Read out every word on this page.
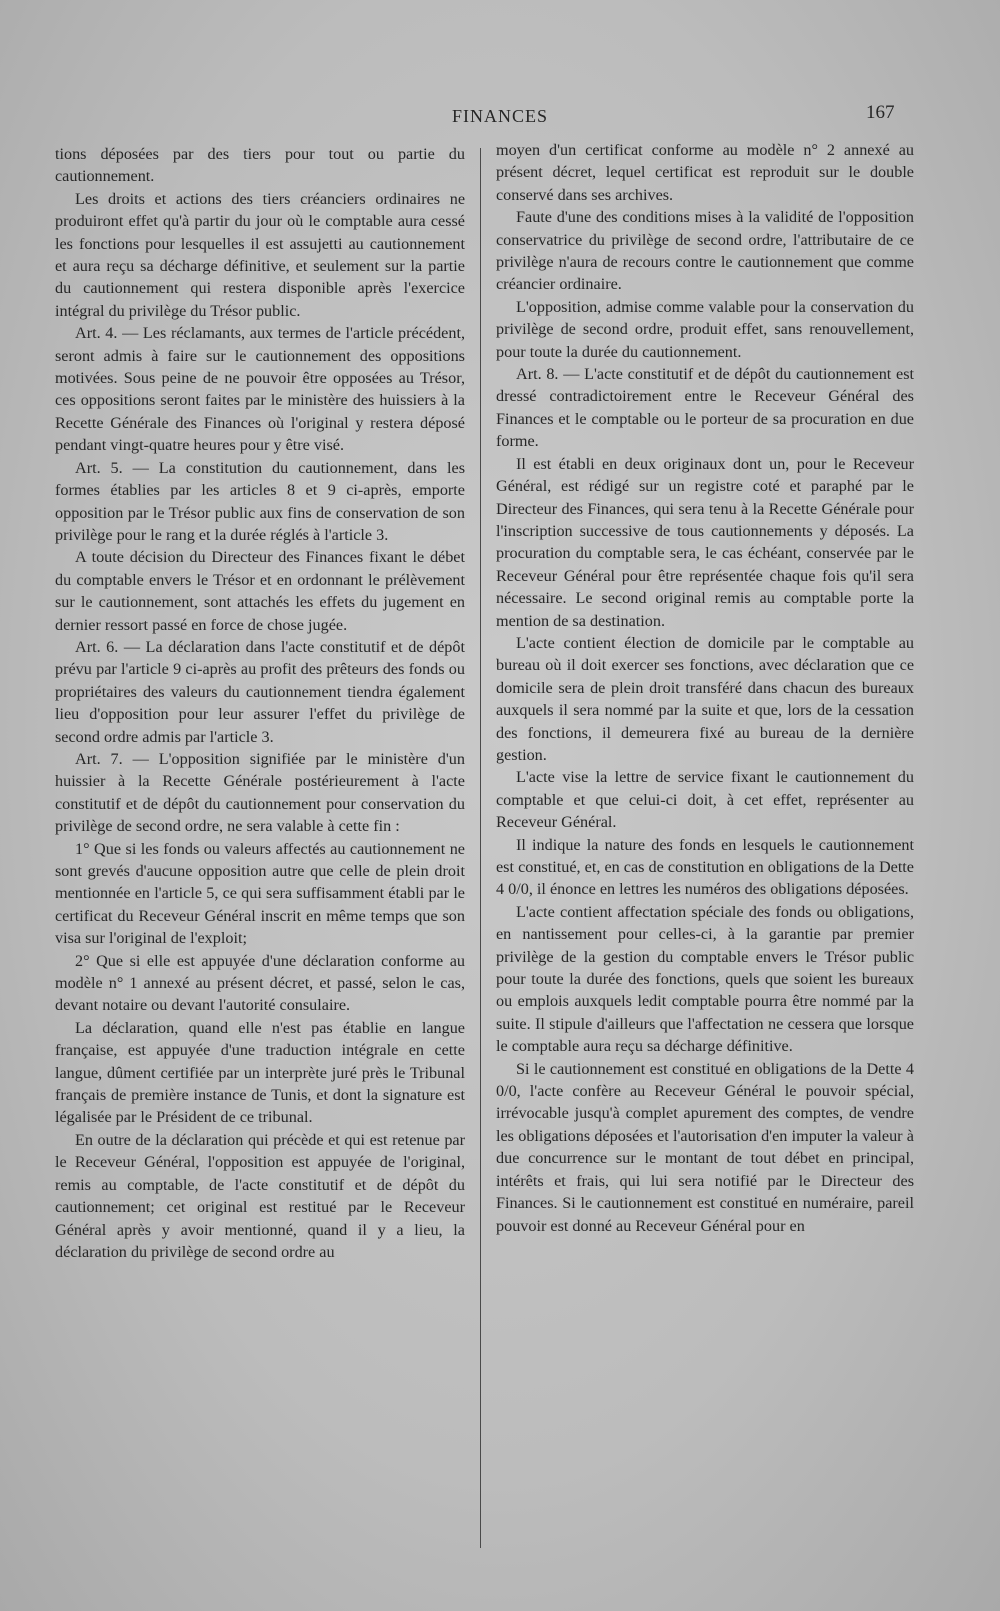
FINANCES	167

tions déposées par des tiers pour tout ou partie du cautionnement.

Les droits et actions des tiers créanciers ordinaires ne produiront effet qu'à partir du jour où le comptable aura cessé les fonctions pour lesquelles il est assujetti au cautionnement et aura reçu sa décharge définitive, et seulement sur la partie du cautionnement qui restera disponible après l'exercice intégral du privilège du Trésor public.

Art. 4. — Les réclamants, aux termes de l'article précédent, seront admis à faire sur le cautionnement des oppositions motivées. Sous peine de ne pouvoir être opposées au Trésor, ces oppositions seront faites par le ministère des huissiers à la Recette Générale des Finances où l'original y restera déposé pendant vingt-quatre heures pour y être visé.

Art. 5. — La constitution du cautionnement, dans les formes établies par les articles 8 et 9 ci-après, emporte opposition par le Trésor public aux fins de conservation de son privilège pour le rang et la durée réglés à l'article 3.

A toute décision du Directeur des Finances fixant le débet du comptable envers le Trésor et en ordonnant le prélèvement sur le cautionnement, sont attachés les effets du jugement en dernier ressort passé en force de chose jugée.

Art. 6. — La déclaration dans l'acte constitutif et de dépôt prévu par l'article 9 ci-après au profit des prêteurs des fonds ou propriétaires des valeurs du cautionnement tiendra également lieu d'opposition pour leur assurer l'effet du privilège de second ordre admis par l'article 3.

Art. 7. — L'opposition signifiée par le ministère d'un huissier à la Recette Générale postérieurement à l'acte constitutif et de dépôt du cautionnement pour conservation du privilège de second ordre, ne sera valable à cette fin :

1° Que si les fonds ou valeurs affectés au cautionnement ne sont grevés d'aucune opposition autre que celle de plein droit mentionnée en l'article 5, ce qui sera suffisamment établi par le certificat du Receveur Général inscrit en même temps que son visa sur l'original de l'exploit;

2° Que si elle est appuyée d'une déclaration conforme au modèle n° 1 annexé au présent décret, et passé, selon le cas, devant notaire ou devant l'autorité consulaire.

La déclaration, quand elle n'est pas établie en langue française, est appuyée d'une traduction intégrale en cette langue, dûment certifiée par un interprète juré près le Tribunal français de première instance de Tunis, et dont la signature est légalisée par le Président de ce tribunal.

En outre de la déclaration qui précède et qui est retenue par le Receveur Général, l'opposition est appuyée de l'original, remis au comptable, de l'acte constitutif et de dépôt du cautionnement; cet original est restitué par le Receveur Général après y avoir mentionné, quand il y a lieu, la déclaration du privilège de second ordre au

moyen d'un certificat conforme au modèle n° 2 annexé au présent décret, lequel certificat est reproduit sur le double conservé dans ses archives.

Faute d'une des conditions mises à la validité de l'opposition conservatrice du privilège de second ordre, l'attributaire de ce privilège n'aura de recours contre le cautionnement que comme créancier ordinaire.

L'opposition, admise comme valable pour la conservation du privilège de second ordre, produit effet, sans renouvellement, pour toute la durée du cautionnement.

Art. 8. — L'acte constitutif et de dépôt du cautionnement est dressé contradictoirement entre le Receveur Général des Finances et le comptable ou le porteur de sa procuration en due forme.

Il est établi en deux originaux dont un, pour le Receveur Général, est rédigé sur un registre coté et paraphé par le Directeur des Finances, qui sera tenu à la Recette Générale pour l'inscription successive de tous cautionnements y déposés. La procuration du comptable sera, le cas échéant, conservée par le Receveur Général pour être représentée chaque fois qu'il sera nécessaire. Le second original remis au comptable porte la mention de sa destination.

L'acte contient élection de domicile par le comptable au bureau où il doit exercer ses fonctions, avec déclaration que ce domicile sera de plein droit transféré dans chacun des bureaux auxquels il sera nommé par la suite et que, lors de la cessation des fonctions, il demeurera fixé au bureau de la dernière gestion.

L'acte vise la lettre de service fixant le cautionnement du comptable et que celui-ci doit, à cet effet, représenter au Receveur Général.

Il indique la nature des fonds en lesquels le cautionnement est constitué, et, en cas de constitution en obligations de la Dette 4 0/0, il énonce en lettres les numéros des obligations déposées.

L'acte contient affectation spéciale des fonds ou obligations, en nantissement pour celles-ci, à la garantie par premier privilège de la gestion du comptable envers le Trésor public pour toute la durée des fonctions, quels que soient les bureaux ou emplois auxquels ledit comptable pourra être nommé par la suite. Il stipule d'ailleurs que l'affectation ne cessera que lorsque le comptable aura reçu sa décharge définitive.

Si le cautionnement est constitué en obligations de la Dette 4 0/0, l'acte confère au Receveur Général le pouvoir spécial, irrévocable jusqu'à complet apurement des comptes, de vendre les obligations déposées et l'autorisation d'en imputer la valeur à due concurrence sur le montant de tout débet en principal, intérêts et frais, qui lui sera notifié par le Directeur des Finances. Si le cautionnement est constitué en numéraire, pareil pouvoir est donné au Receveur Général pour en
